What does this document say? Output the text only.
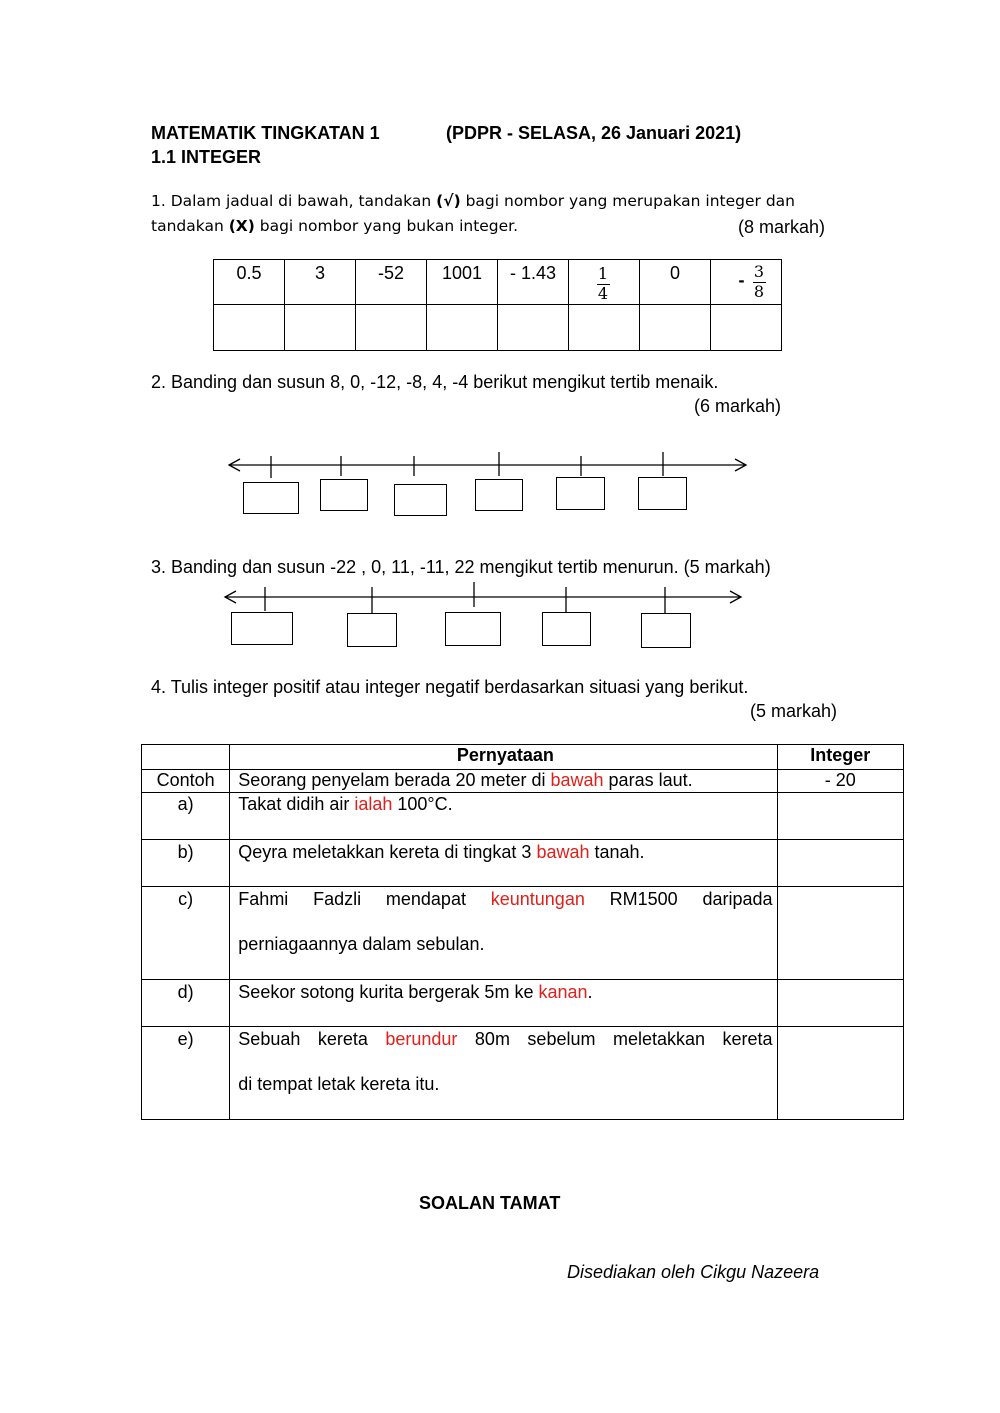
MATEMATIK TINGKATAN 1	(PDPR - SELASA, 26 Januari 2021)
1.1 INTEGER
1. Dalam jadual di bawah, tandakan (√) bagi nombor yang merupakan integer dan
tandakan (X) bagi nombor yang bukan integer.	(8 markah)
0.5	3	-52	1001	- 1.43	$\frac{1}{4}$	0	- $\frac{3}{8}$

2. Banding dan susun 8, 0, -12, -8, 4, -4 berikut mengikut tertib menaik.
(6 markah)
3. Banding dan susun -22 , 0, 11, -11, 22 mengikut tertib menurun. (5 markah)
4. Tulis integer positif atau integer negatif berdasarkan situasi yang berikut.
(5 markah)
	Pernyataan	Integer
Contoh	Seorang penyelam berada 20 meter di bawah paras laut.	- 20
a)	Takat didih air ialah 100°C.	
b)	Qeyra meletakkan kereta di tingkat 3 bawah tanah.	
c)	Fahmi Fadzli mendapat keuntungan RM1500 daripada
perniagaannya dalam sebulan.	

d)	Seekor sotong kurita bergerak 5m ke kanan.	
e)	Sebuah kereta berundur 80m sebelum meletakkan kereta
di tempat letak kereta itu.	

SOALAN TAMAT
Disediakan oleh Cikgu Nazeera
